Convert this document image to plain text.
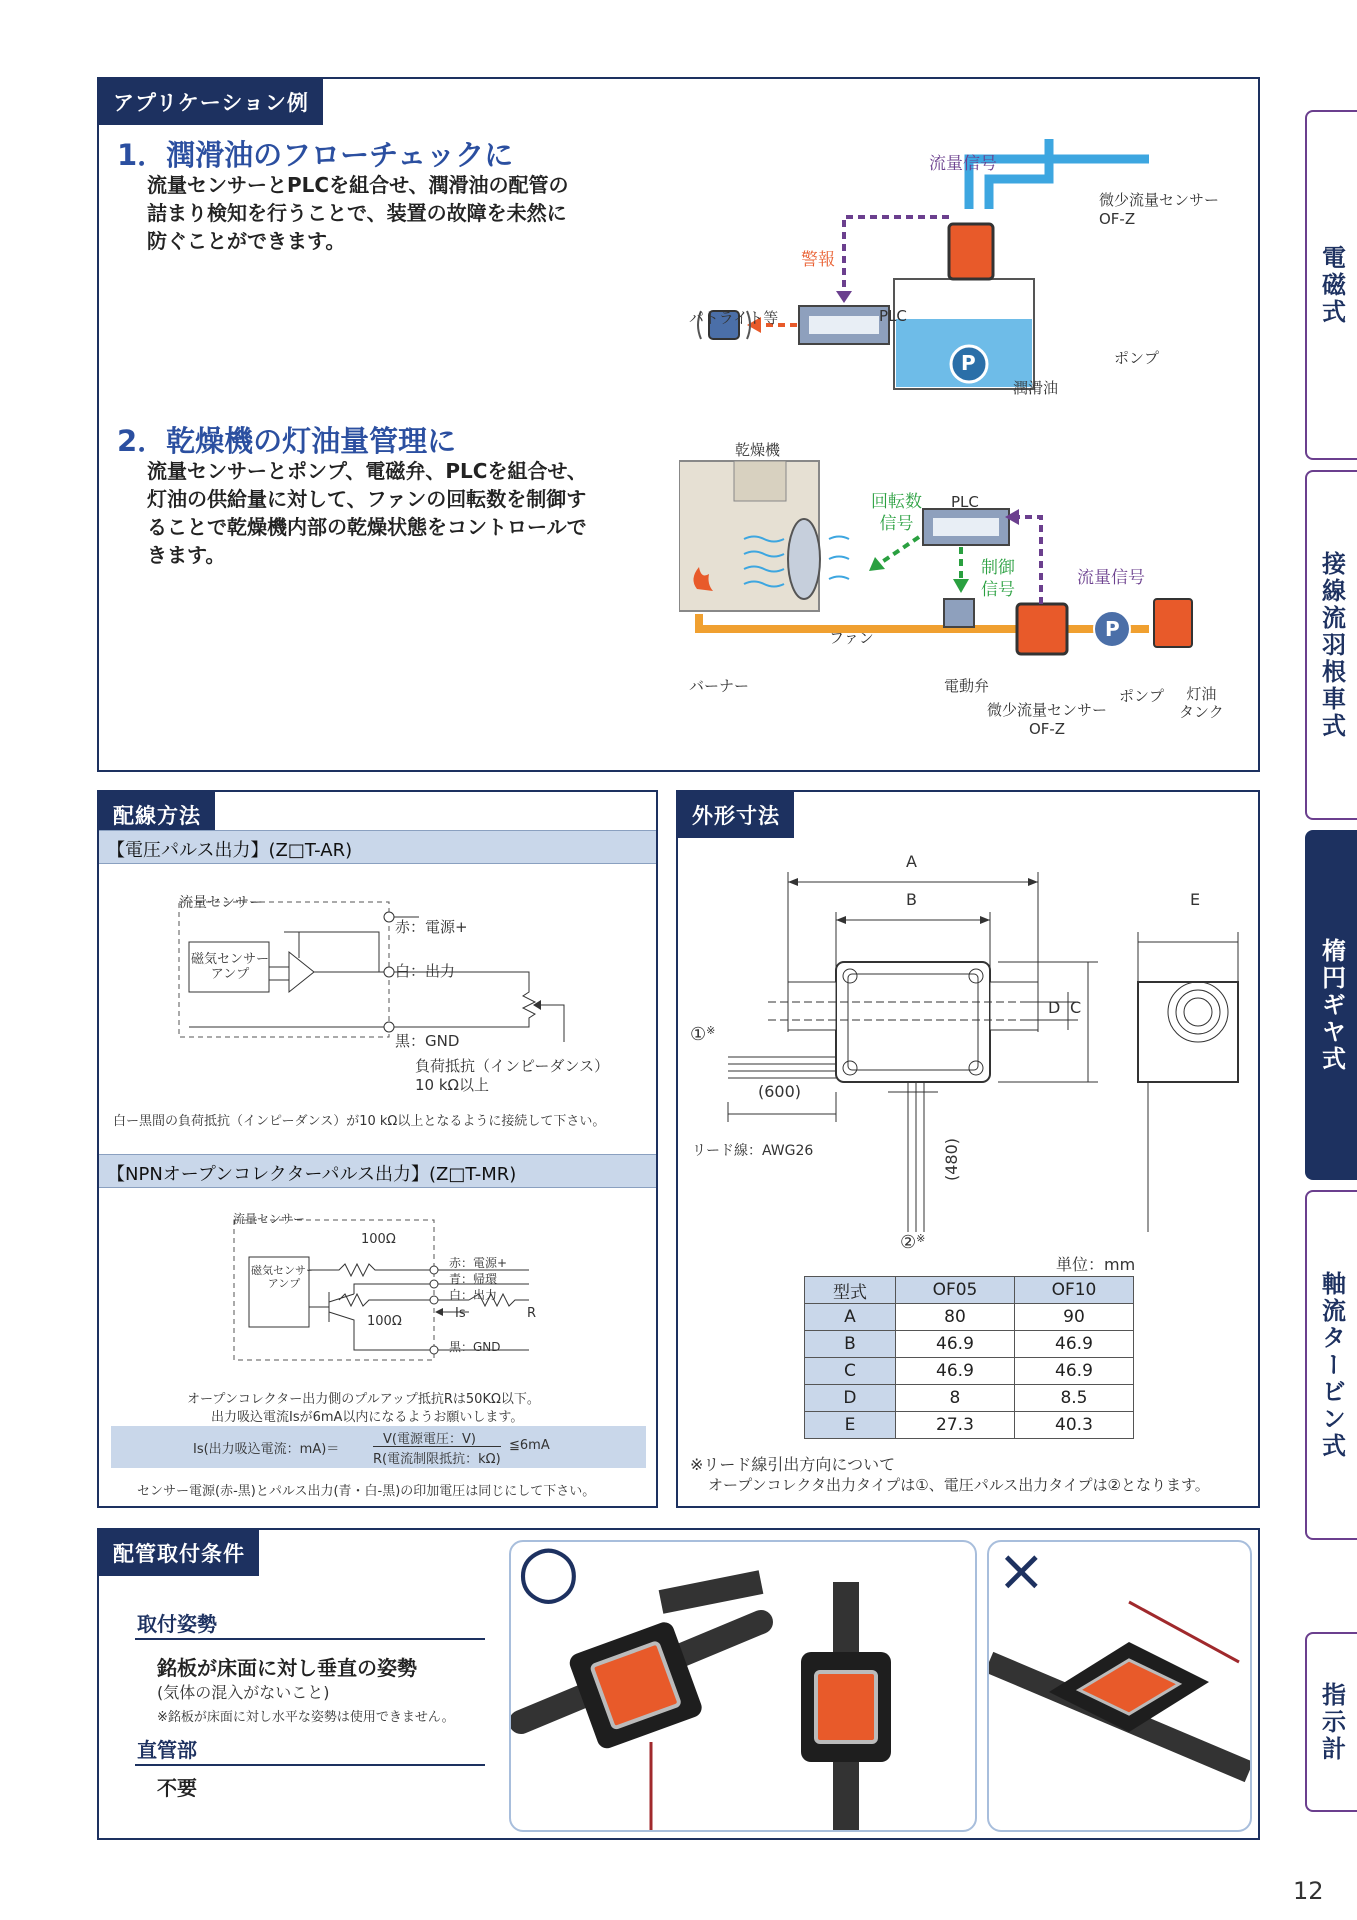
アプリケーション例
1．潤滑油のフローチェックに
流量センサーとPLCを組合せ、潤滑油の配管の
詰まり検知を行うことで、装置の故障を未然に
防ぐことができます。
2．乾燥機の灯油量管理に
流量センサーとポンプ、電磁弁、PLCを組合せ、
灯油の供給量に対して、ファンの回転数を制御す
ることで乾燥機内部の乾燥状態をコントロールで
きます。
流量信号
微少流量センサー
OF-Z
警報
パトライト等	PLC
P	ポンプ
潤滑油
乾燥機
回転数
信号
PLC
制御
信号
流量信号
ファン
バーナー	電動弁
P
ポンプ	灯油
タンク
微少流量センサー
OF-Z
配線方法
【電圧パルス出力】(Z□T-AR)
流量センサー
磁気センサー
アンプ
赤：電源+
白：出力
黒：GND
負荷抵抗（インピーダンス）
10 kΩ以上
白ー黒間の負荷抵抗（インピーダンス）が10 kΩ以上となるように接続して下さい。
【NPNオープンコレクターパルス出力】(Z□T-MR)
流量センサー
磁気センサー
アンプ
100Ω
100Ω
赤：電源+
青：帰環
白：出力
Is	R
黒：GND
オープンコレクター出力側のプルアップ抵抗Rは50KΩ以下。
出力吸込電流Isが6mA以内になるようお願いします。
Is(出力吸込電流：mA)＝
V(電源電圧：V)
R(電流制限抵抗：kΩ)
≦6mA
センサー電源(赤-黒)とパルス出力(青・白-黒)の印加電圧は同じにして下さい。
外形寸法
A
B
C
D
E
①※
(600)
リード線：AWG26	(480)
②※
単位：mm
型式	OF05	OF10
A	80	90
B	46.9	46.9
C	46.9	46.9
D	8	8.5
E	27.3	40.3
※リード線引出方向について
オープンコレクタ出力タイプは①、電圧パルス出力タイプは②となります。
配管取付条件
取付姿勢
銘板が床面に対し垂直の姿勢
(気体の混入がないこと)
※銘板が床面に対し水平な姿勢は使用できません。
直管部
不要
○	×
電磁式
接線流羽根車式
楕円ギヤ式
軸流タービン式
指示計
12
